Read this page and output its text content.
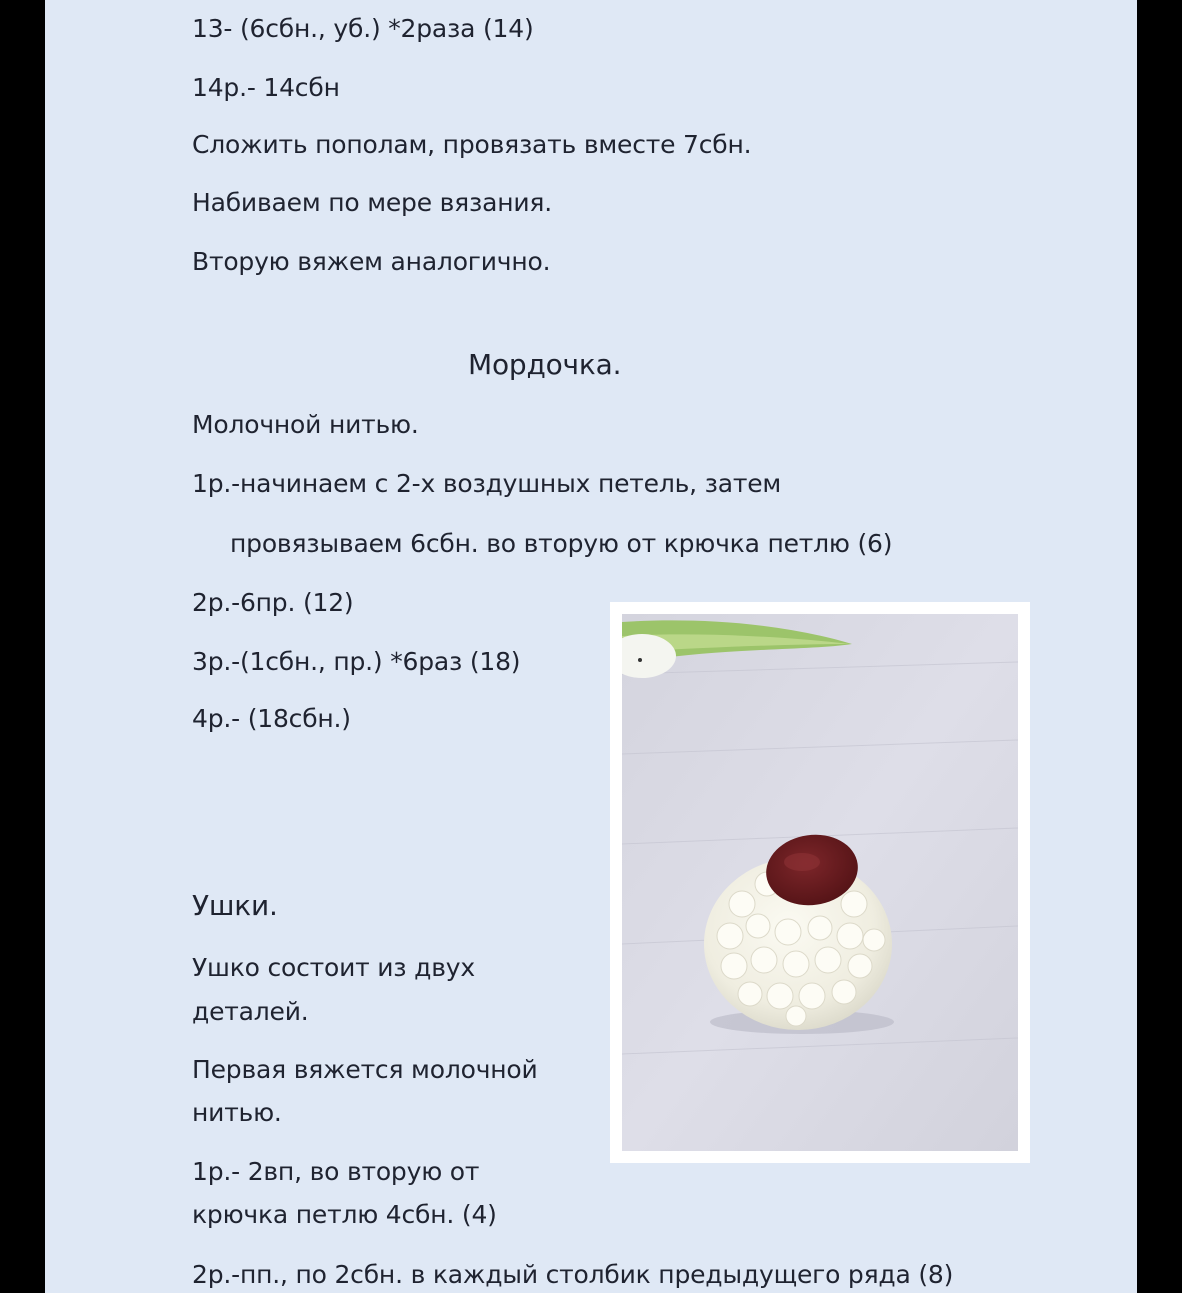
13- (6сбн., уб.) *2раза (14)

14р.- 14сбн

Сложить пополам, провязать вместе 7сбн.

Набиваем по мере вязания.

Вторую вяжем аналогично.

Мордочка.

Молочной нитью.

1р.-начинаем с 2-х воздушных петель, затем

провязываем 6сбн. во вторую от крючка петлю (6)

2р.-6пр. (12)

3р.-(1сбн., пр.) *6раз (18)

4р.- (18сбн.)

Ушки.

Ушко состоит из двух

деталей.

Первая вяжется молочной

нитью.

1р.- 2вп, во вторую от

крючка петлю 4сбн. (4)

2р.-пп., по 2сбн. в каждый столбик предыдущего ряда (8)
